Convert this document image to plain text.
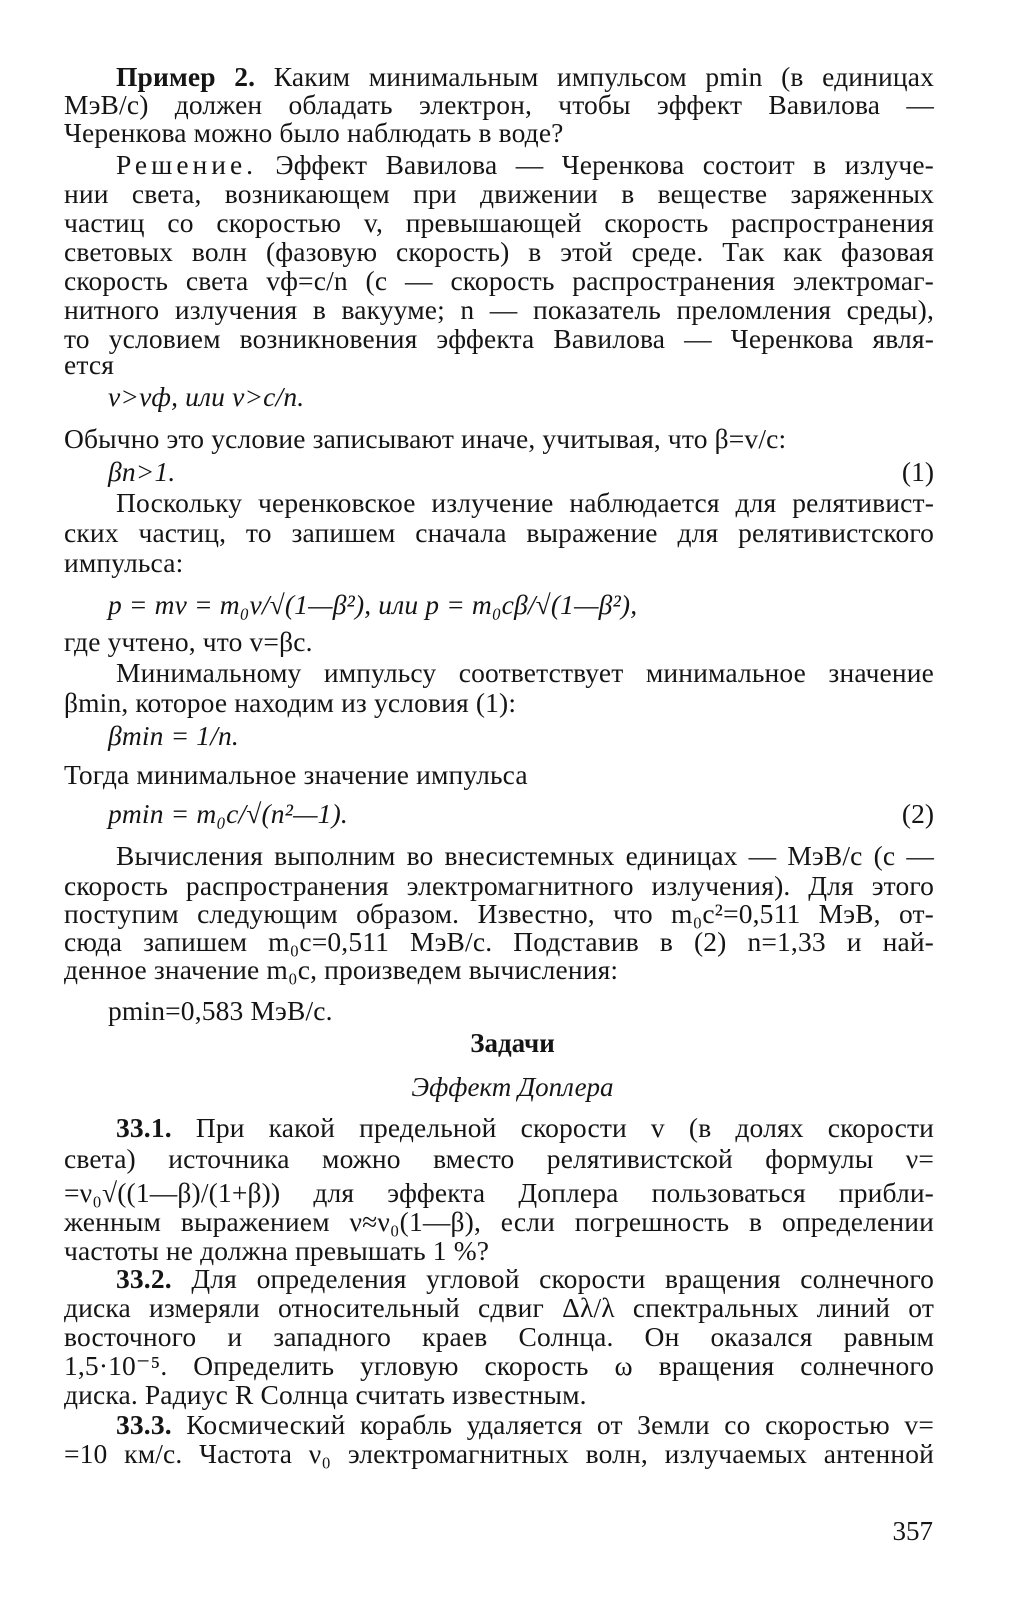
Пример 2. Каким минимальным импульсом pmin (в единицах
МэВ/c) должен обладать электрон, чтобы эффект Вавилова —
Черенкова можно было наблюдать в воде?
Решение. Эффект Вавилова — Черенкова состоит в излуче-
нии света, возникающем при движении в веществе заряженных
частиц со скоростью v, превышающей скорость распространения
световых волн (фазовую скорость) в этой среде. Так как фазовая
скорость света vф=c/n (c — скорость распространения электромаг-
нитного излучения в вакууме; n — показатель преломления среды),
то условием возникновения эффекта Вавилова — Черенкова явля-
ется
v>vф, или v>c/n.
Обычно это условие записывают иначе, учитывая, что β=v/c:
βn>1.	(1)
Поскольку черенковское излучение наблюдается для релятивист-
ских частиц, то запишем сначала выражение для релятивистского
импульса:
p = mv = m₀v/√(1—β²), или p = m₀cβ/√(1—β²),
где учтено, что v=βc.
Минимальному импульсу соответствует минимальное значение
βmin, которое находим из условия (1):
βmin = 1/n.
Тогда минимальное значение импульса
pmin = m₀c/√(n²—1).	(2)
Вычисления выполним во внесистемных единицах — МэВ/c (c —
скорость распространения электромагнитного излучения). Для этого
поступим следующим образом. Известно, что m₀c²=0,511 МэВ, от-
сюда запишем m₀c=0,511 МэВ/c. Подставив в (2) n=1,33 и най-
денное значение m₀c, произведем вычисления:
pmin=0,583 МэВ/c.
Задачи
Эффект Доплера
33.1. При какой предельной скорости v (в долях скорости
света) источника можно вместо релятивистской формулы ν=
=ν₀√((1—β)/(1+β)) для эффекта Доплера пользоваться прибли-
женным выражением ν≈ν₀(1—β), если погрешность в определении
частоты не должна превышать 1 %?
33.2. Для определения угловой скорости вращения солнечного
диска измеряли относительный сдвиг Δλ/λ спектральных линий от
восточного и западного краев Солнца. Он оказался равным
1,5·10⁻⁵. Определить угловую скорость ω вращения солнечного
диска. Радиус R Солнца считать известным.
33.3. Космический корабль удаляется от Земли со скоростью v=
=10 км/с. Частота ν₀ электромагнитных волн, излучаемых антенной
357
